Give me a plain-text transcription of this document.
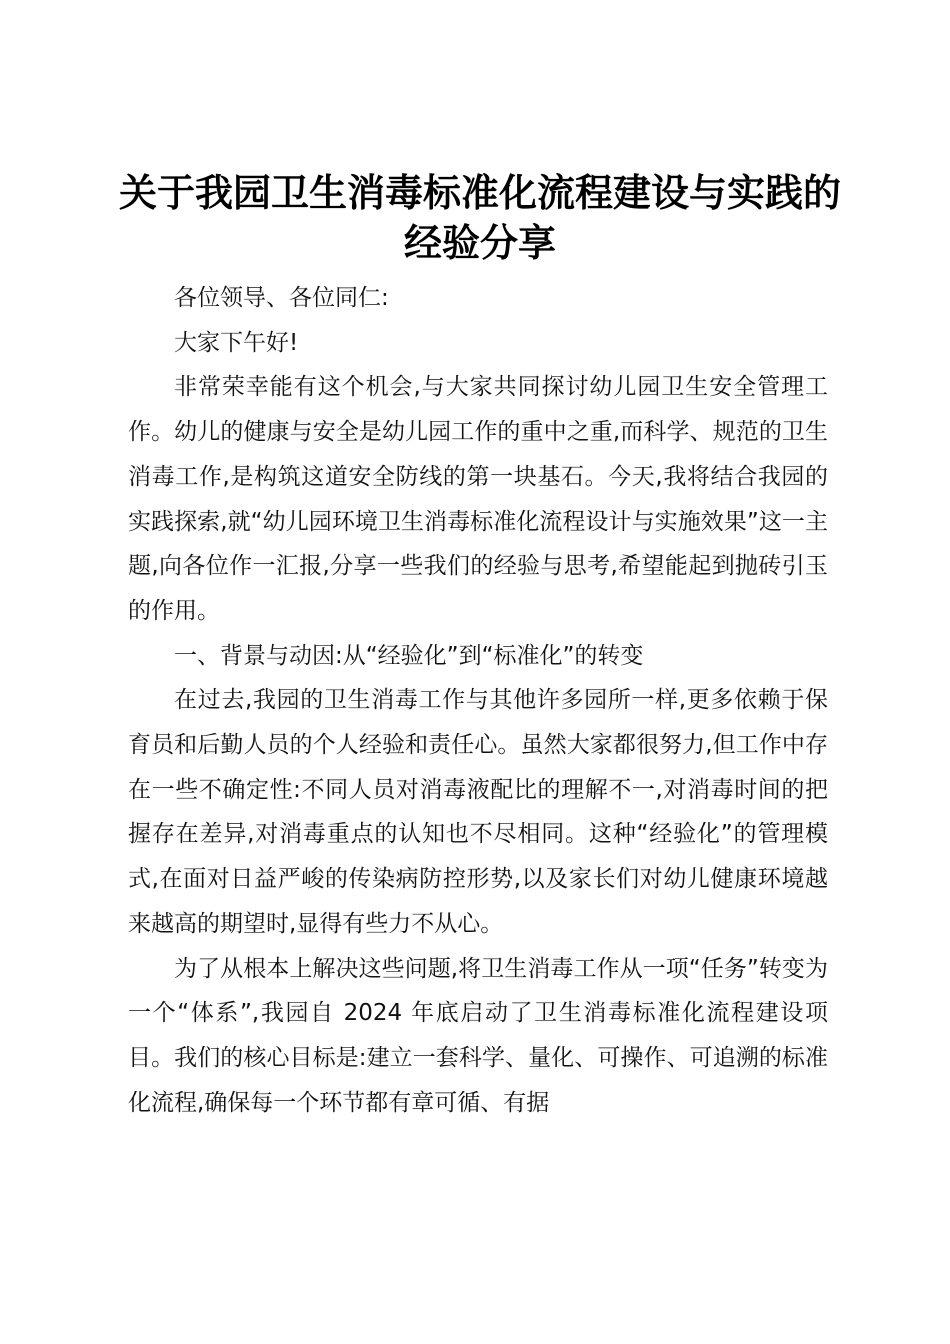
关于我园卫生消毒标准化流程建设与实践的经验分享

各位领导、各位同仁:

大家下午好!

非常荣幸能有这个机会,与大家共同探讨幼儿园卫生安全管理工作。幼儿的健康与安全是幼儿园工作的重中之重,而科学、规范的卫生消毒工作,是构筑这道安全防线的第一块基石。今天,我将结合我园的实践探索,就“幼儿园环境卫生消毒标准化流程设计与实施效果”这一主题,向各位作一汇报,分享一些我们的经验与思考,希望能起到抛砖引玉的作用。

一、背景与动因:从“经验化”到“标准化”的转变

在过去,我园的卫生消毒工作与其他许多园所一样,更多依赖于保育员和后勤人员的个人经验和责任心。虽然大家都很努力,但工作中存在一些不确定性:不同人员对消毒液配比的理解不一,对消毒时间的把握存在差异,对消毒重点的认知也不尽相同。这种“经验化”的管理模式,在面对日益严峻的传染病防控形势,以及家长们对幼儿健康环境越来越高的期望时,显得有些力不从心。

为了从根本上解决这些问题,将卫生消毒工作从一项“任务”转变为一个“体系”,我园自 2024 年底启动了卫生消毒标准化流程建设项目。我们的核心目标是:建立一套科学、量化、可操作、可追溯的标准化流程,确保每一个环节都有章可循、有据
